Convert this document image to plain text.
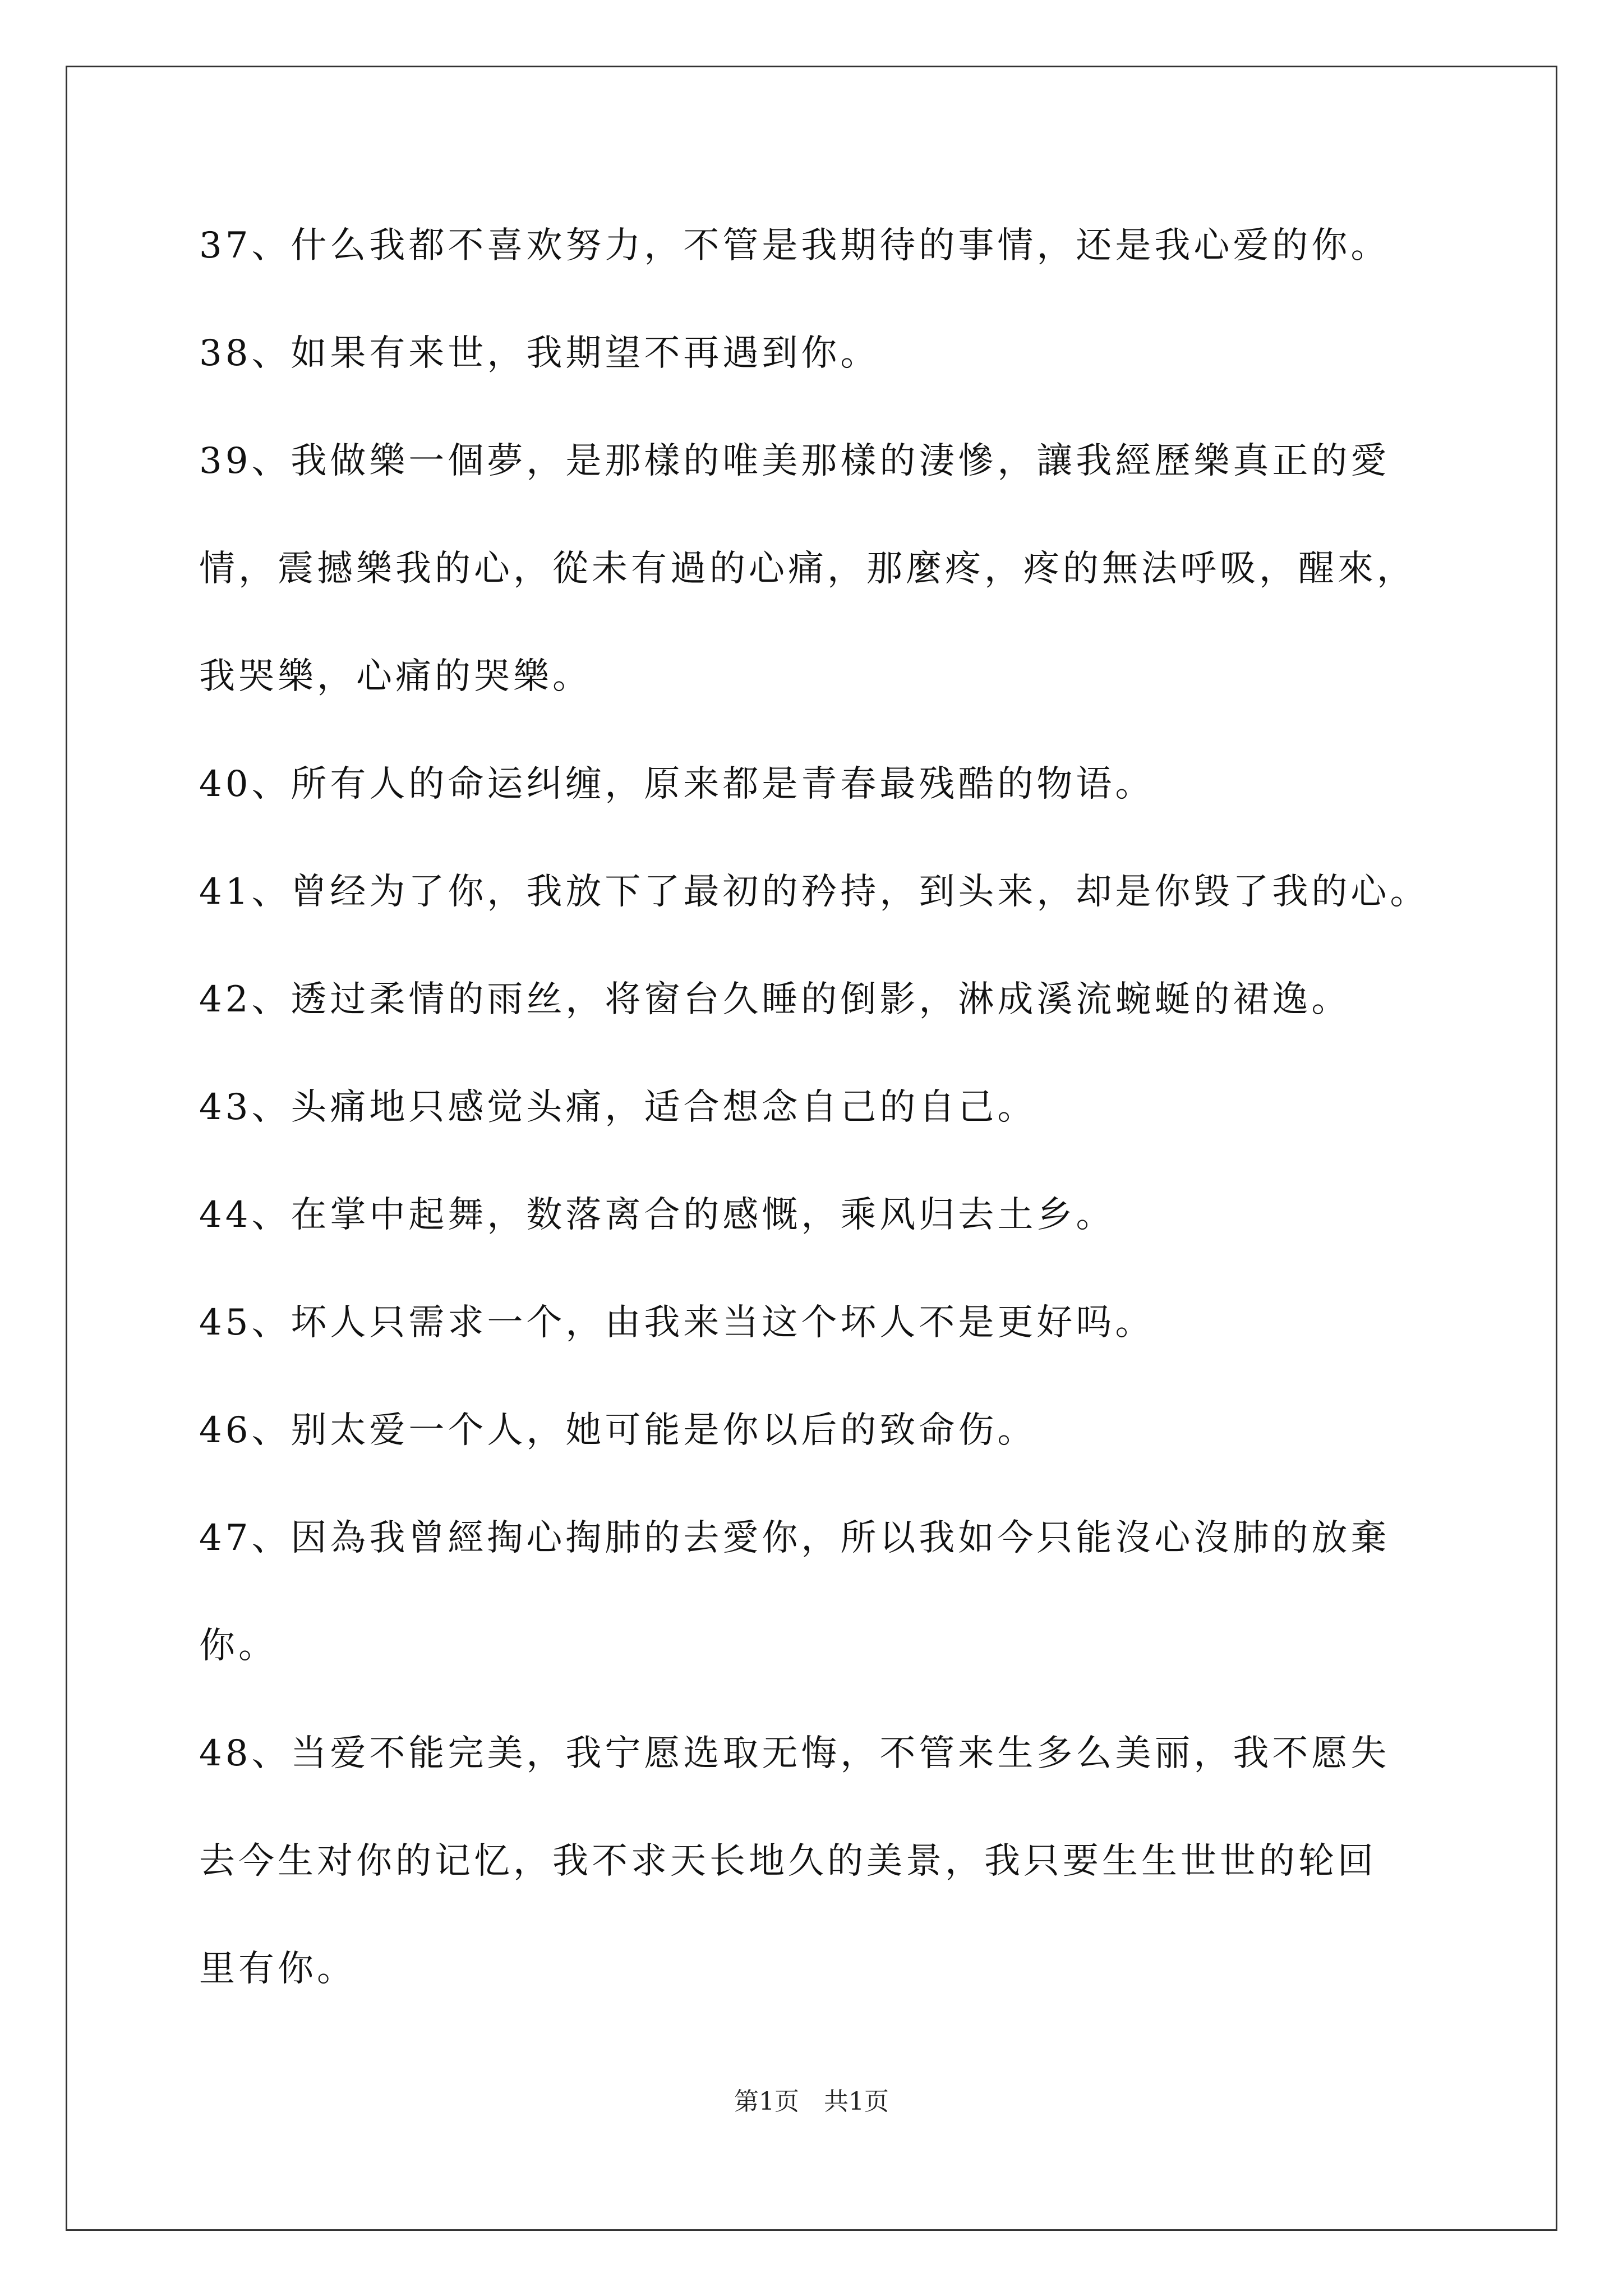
37、什么我都不喜欢努力，不管是我期待的事情，还是我心爱的你。

38、如果有来世，我期望不再遇到你。

39、我做樂一個夢，是那樣的唯美那樣的淒慘，讓我經歷樂真正的愛
情，震撼樂我的心，從未有過的心痛，那麼疼，疼的無法呼吸，醒來，
我哭樂，心痛的哭樂。

40、所有人的命运纠缠，原来都是青春最残酷的物语。

41、曾经为了你，我放下了最初的矜持，到头来，却是你毁了我的心。

42、透过柔情的雨丝，将窗台久睡的倒影，淋成溪流蜿蜒的裙逸。

43、头痛地只感觉头痛，适合想念自己的自己。

44、在掌中起舞，数落离合的感慨，乘风归去土乡。

45、坏人只需求一个，由我来当这个坏人不是更好吗。

46、别太爱一个人，她可能是你以后的致命伤。

47、因為我曾經掏心掏肺的去愛你，所以我如今只能沒心沒肺的放棄
你。

48、当爱不能完美，我宁愿选取无悔，不管来生多么美丽，我不愿失
去今生对你的记忆，我不求天长地久的美景，我只要生生世世的轮回
里有你。

第1页　共1页
